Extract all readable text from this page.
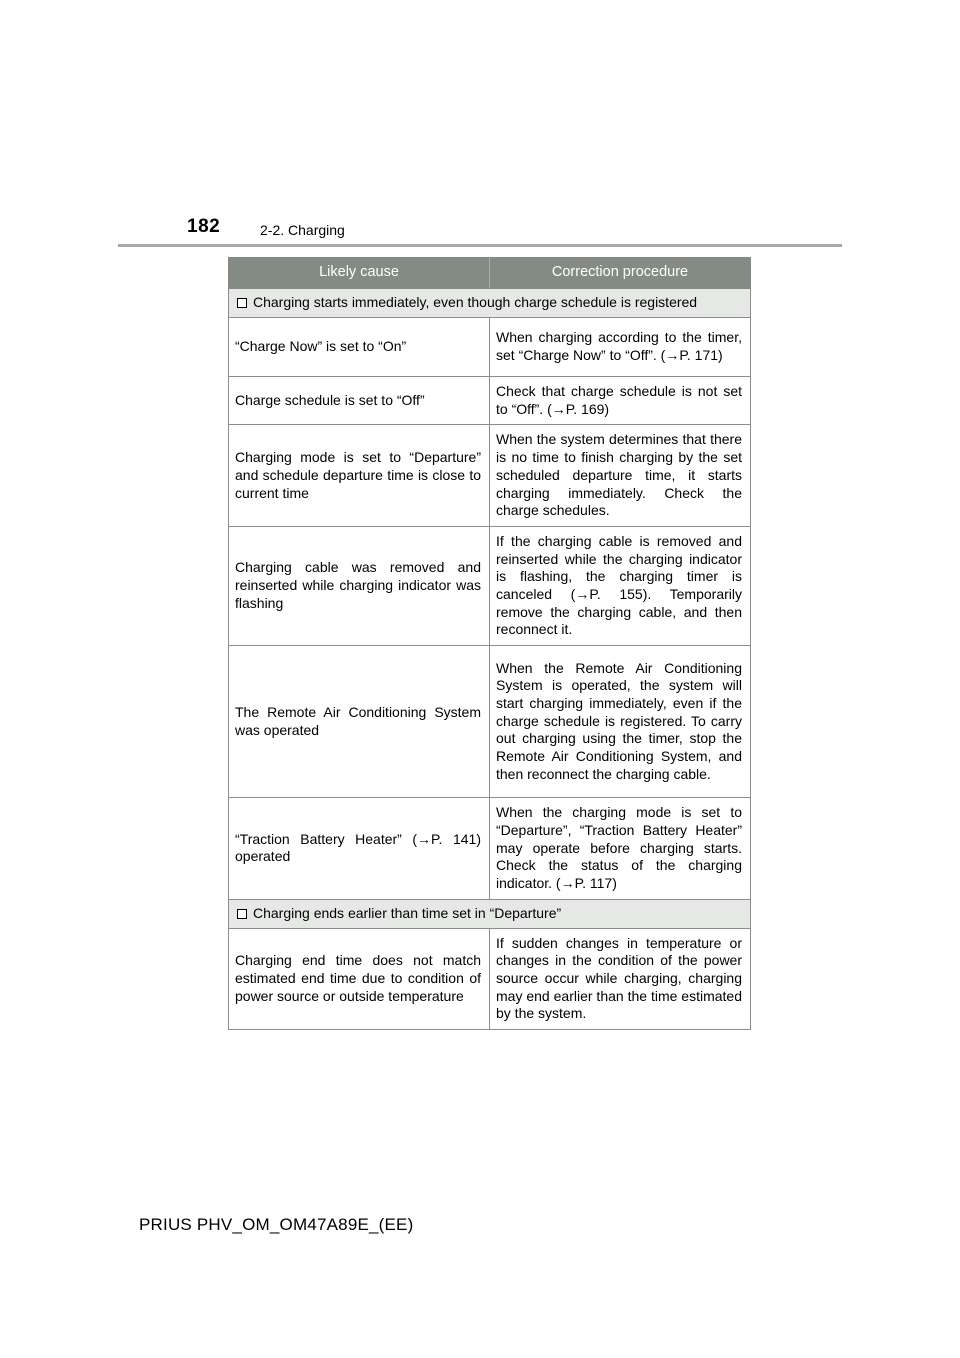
182	2-2. Charging
Likely cause	Correction procedure
Charging starts immediately, even though charge schedule is registered	
“Charge Now” is set to “On”	When charging according to the timer, set “Charge Now” to “Off”. (→P. 171)
Charge schedule is set to “Off”	Check that charge schedule is not set to “Off”. (→P. 169)
Charging mode is set to “Departure” and schedule departure time is close to current time	When the system determines that there is no time to finish charging by the set scheduled departure time, it starts charging immediately. Check the charge schedules.
Charging cable was removed and reinserted while charging indicator was flashing	If the charging cable is removed and reinserted while the charging indicator is flashing, the charging timer is canceled (→P. 155). Temporarily remove the charging cable, and then reconnect it.
The Remote Air Conditioning System was operated	When the Remote Air Conditioning System is operated, the system will start charging immediately, even if the charge schedule is registered. To carry out charging using the timer, stop the Remote Air Conditioning System, and then reconnect the charging cable.
“Traction Battery Heater” (→P. 141) operated	When the charging mode is set to “Departure”, “Traction Battery Heater” may operate before charging starts. Check the status of the charging indicator. (→P. 117)
Charging ends earlier than time set in “Departure”	
Charging end time does not match estimated end time due to condition of power source or outside temperature	If sudden changes in temperature or changes in the condition of the power source occur while charging, charging may end earlier than the time estimated by the system.
PRIUS PHV_OM_OM47A89E_(EE)
